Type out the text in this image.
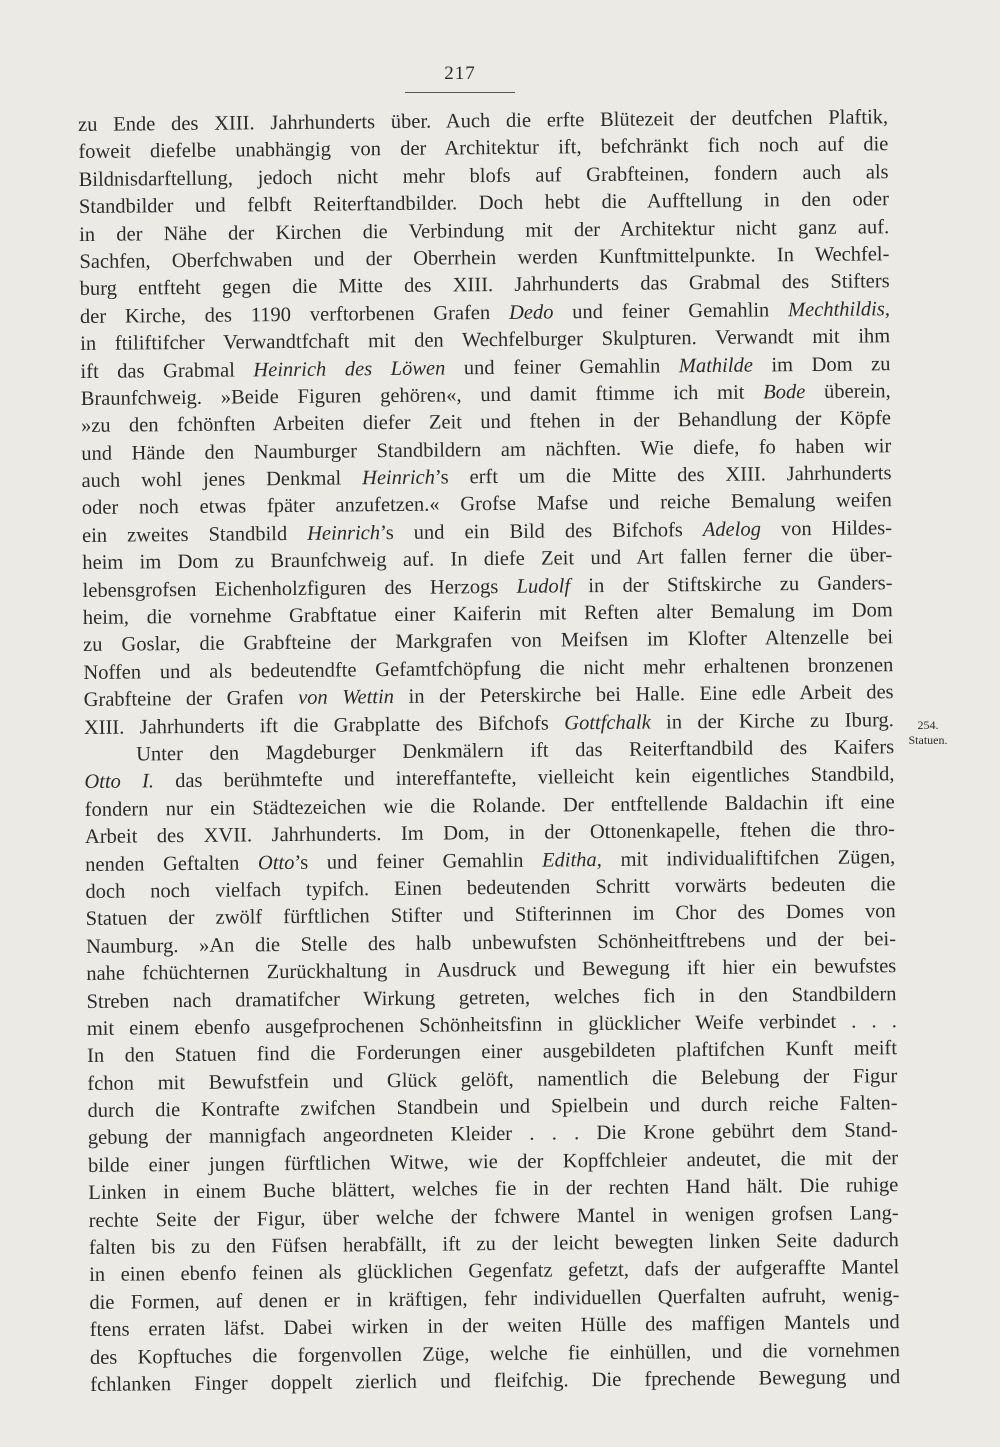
217
zu Ende des XIII. Jahrhunderts über. Auch die erfte Blütezeit der deutfchen Plaftik,
foweit diefelbe unabhängig von der Architektur ift, befchränkt fich noch auf die
Bildnisdarftellung, jedoch nicht mehr blofs auf Grabfteinen, fondern auch als
Standbilder und felbft Reiterftandbilder. Doch hebt die Aufftellung in den oder
in der Nähe der Kirchen die Verbindung mit der Architektur nicht ganz auf.
Sachfen, Oberfchwaben und der Oberrhein werden Kunftmittelpunkte. In Wechfel-
burg entfteht gegen die Mitte des XIII. Jahrhunderts das Grabmal des Stifters
der Kirche, des 1190 verftorbenen Grafen Dedo und feiner Gemahlin Mechthildis,
in ftiliftifcher Verwandtfchaft mit den Wechfelburger Skulpturen. Verwandt mit ihm
ift das Grabmal Heinrich des Löwen und feiner Gemahlin Mathilde im Dom zu
Braunfchweig. »Beide Figuren gehören«, und damit ftimme ich mit Bode überein,
»zu den fchönften Arbeiten diefer Zeit und ftehen in der Behandlung der Köpfe
und Hände den Naumburger Standbildern am nächften. Wie diefe, fo haben wir
auch wohl jenes Denkmal Heinrich’s erft um die Mitte des XIII. Jahrhunderts
oder noch etwas fpäter anzufetzen.« Grofse Mafse und reiche Bemalung weifen
ein zweites Standbild Heinrich’s und ein Bild des Bifchofs Adelog von Hildes-
heim im Dom zu Braunfchweig auf. In diefe Zeit und Art fallen ferner die über-
lebensgrofsen Eichenholzfiguren des Herzogs Ludolf in der Stiftskirche zu Ganders-
heim, die vornehme Grabftatue einer Kaiferin mit Reften alter Bemalung im Dom
zu Goslar, die Grabfteine der Markgrafen von Meifsen im Klofter Altenzelle bei
Noffen und als bedeutendfte Gefamtfchöpfung die nicht mehr erhaltenen bronzenen
Grabfteine der Grafen von Wettin in der Peterskirche bei Halle. Eine edle Arbeit des
XIII. Jahrhunderts ift die Grabplatte des Bifchofs Gottfchalk in der Kirche zu Iburg.
Unter den Magdeburger Denkmälern ift das Reiterftandbild des Kaifers
Otto I. das berühmtefte und intereffantefte, vielleicht kein eigentliches Standbild,
fondern nur ein Städtezeichen wie die Rolande. Der entftellende Baldachin ift eine
Arbeit des XVII. Jahrhunderts. Im Dom, in der Ottonenkapelle, ftehen die thro-
nenden Geftalten Otto’s und feiner Gemahlin Editha, mit individualiftifchen Zügen,
doch noch vielfach typifch. Einen bedeutenden Schritt vorwärts bedeuten die
Statuen der zwölf fürftlichen Stifter und Stifterinnen im Chor des Domes von
Naumburg. »An die Stelle des halb unbewufsten Schönheitftrebens und der bei-
nahe fchüchternen Zurückhaltung in Ausdruck und Bewegung ift hier ein bewufstes
Streben nach dramatifcher Wirkung getreten, welches fich in den Standbildern
mit einem ebenfo ausgefprochenen Schönheitsfinn in glücklicher Weife verbindet . . .
In den Statuen find die Forderungen einer ausgebildeten plaftifchen Kunft meift
fchon mit Bewufstfein und Glück gelöft, namentlich die Belebung der Figur
durch die Kontrafte zwifchen Standbein und Spielbein und durch reiche Falten-
gebung der mannigfach angeordneten Kleider . . . Die Krone gebührt dem Stand-
bilde einer jungen fürftlichen Witwe, wie der Kopffchleier andeutet, die mit der
Linken in einem Buche blättert, welches fie in der rechten Hand hält. Die ruhige
rechte Seite der Figur, über welche der fchwere Mantel in wenigen grofsen Lang-
falten bis zu den Füfsen herabfällt, ift zu der leicht bewegten linken Seite dadurch
in einen ebenfo feinen als glücklichen Gegenfatz gefetzt, dafs der aufgeraffte Mantel
die Formen, auf denen er in kräftigen, fehr individuellen Querfalten aufruht, wenig-
ftens erraten läfst. Dabei wirken in der weiten Hülle des maffigen Mantels und
des Kopftuches die forgenvollen Züge, welche fie einhüllen, und die vornehmen
fchlanken Finger doppelt zierlich und fleifchig. Die fprechende Bewegung und
254.
Statuen.
